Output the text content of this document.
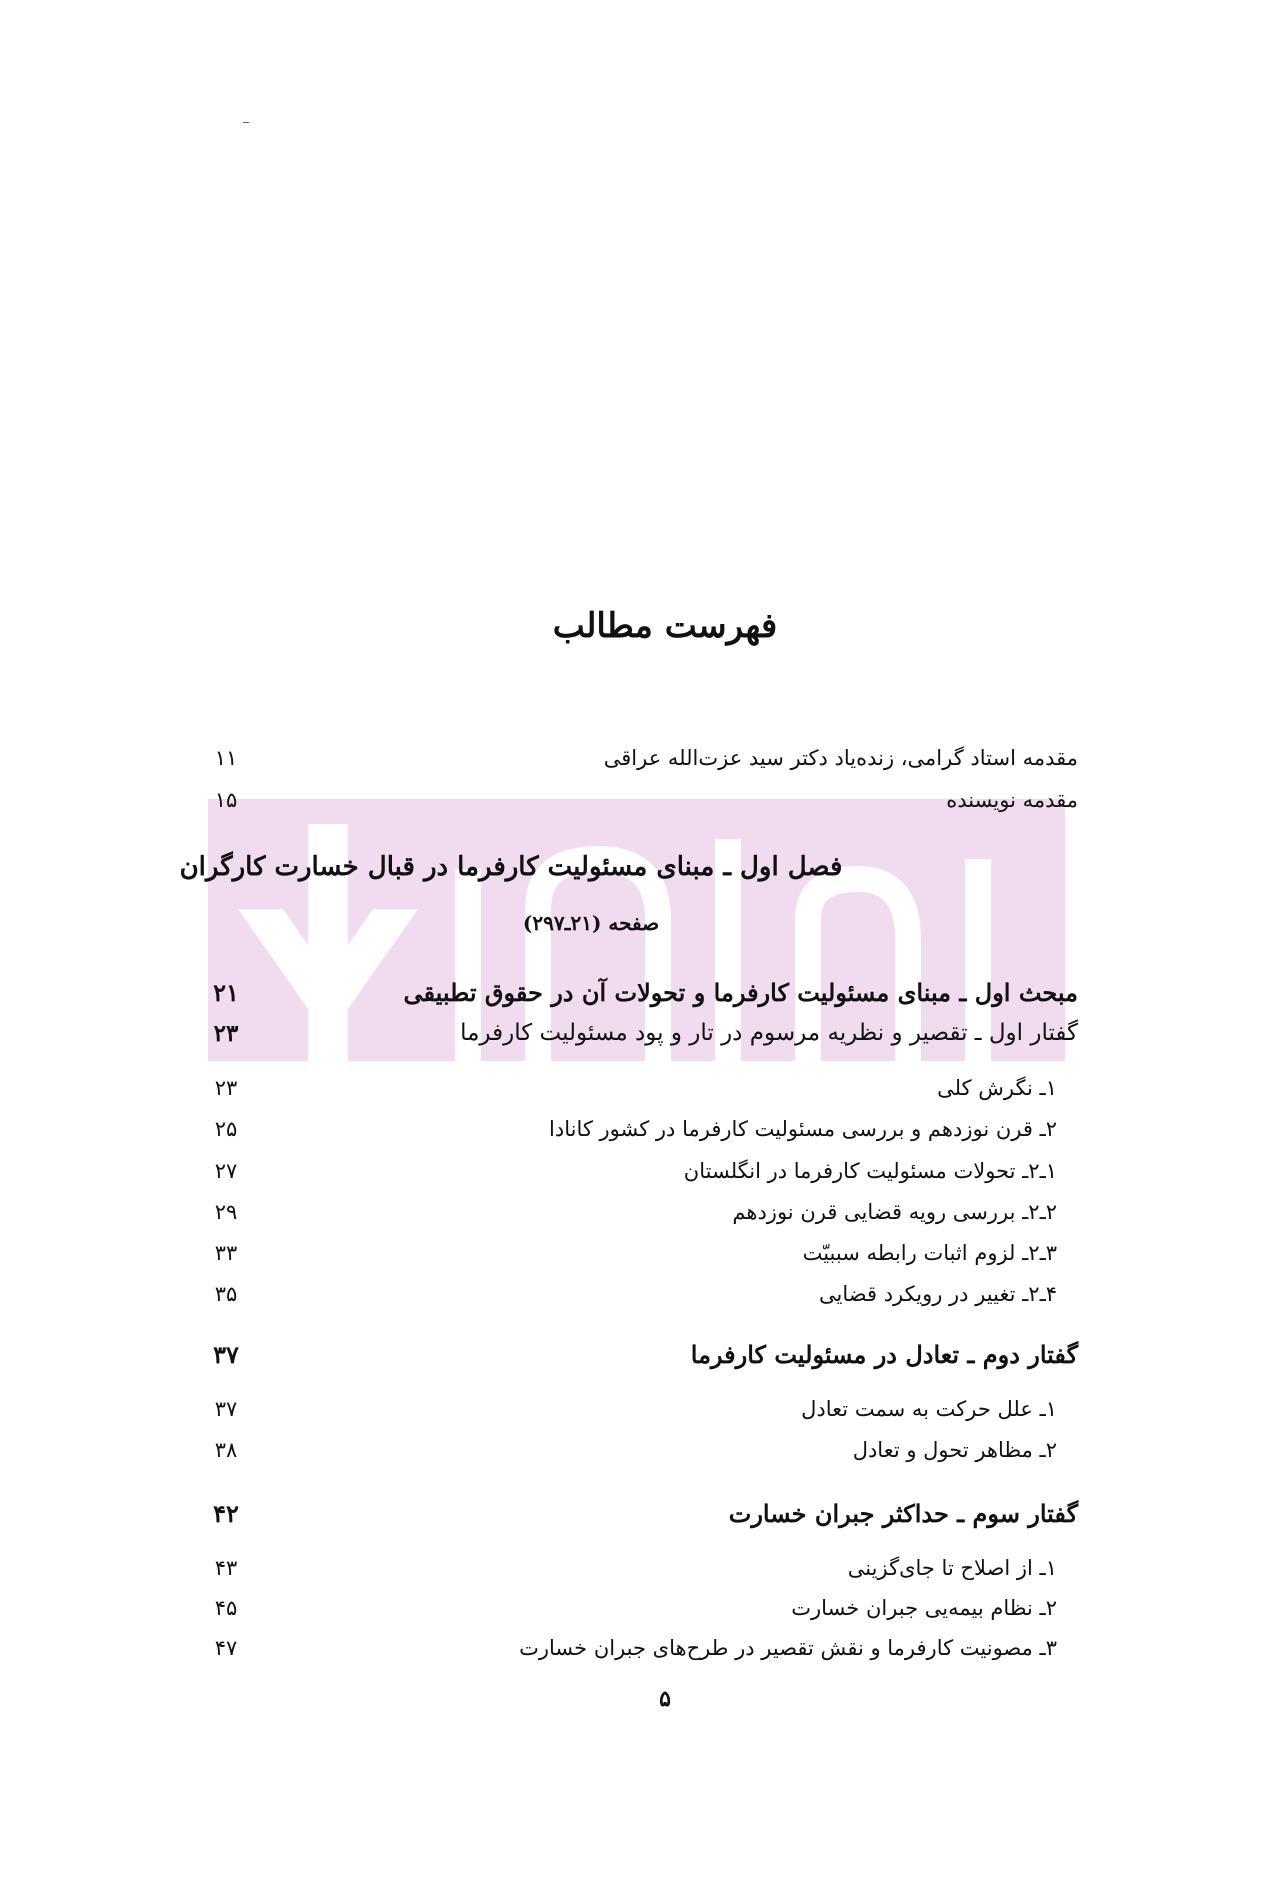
فهرست مطالب
مقدمه استاد گرامی، زنده‌یاد دکتر سید عزت‌الله عراقی
۱۱
مقدمه نویسنده
۱۵
فصل اول ـ مبنای مسئولیت کارفرما در قبال خسارت کارگران
صفحه (۲۱ـ۲۹۷)
مبحث اول ـ مبنای مسئولیت کارفرما و تحولات آن در حقوق تطبیقی
۲۱
گفتار اول ـ تقصیر و نظریه مرسوم در تار و پود مسئولیت کارفرما
۲۳
۱ـ نگرش کلی
۲۳
۲ـ قرن نوزدهم و بررسی مسئولیت کارفرما در کشور کانادا
۲۵
۱ـ۲ـ تحولات مسئولیت کارفرما در انگلستان
۲۷
۲ـ۲ـ بررسی رویه قضایی قرن نوزدهم
۲۹
۳ـ۲ـ لزوم اثبات رابطه سببیّت
۳۳
۴ـ۲ـ تغییر در رویکرد قضایی
۳۵
گفتار دوم ـ تعادل در مسئولیت کارفرما
۳۷
۱ـ علل حرکت به سمت تعادل
۳۷
۲ـ مظاهر تحول و تعادل
۳۸
گفتار سوم ـ حداکثر جبران خسارت
۴۲
۱ـ از اصلاح تا جای‌گزینی
۴۳
۲ـ نظام بیمه‌یی جبران خسارت
۴۵
۳ـ مصونیت کارفرما و نقش تقصیر در طرح‌های جبران خسارت
۴۷
۵
